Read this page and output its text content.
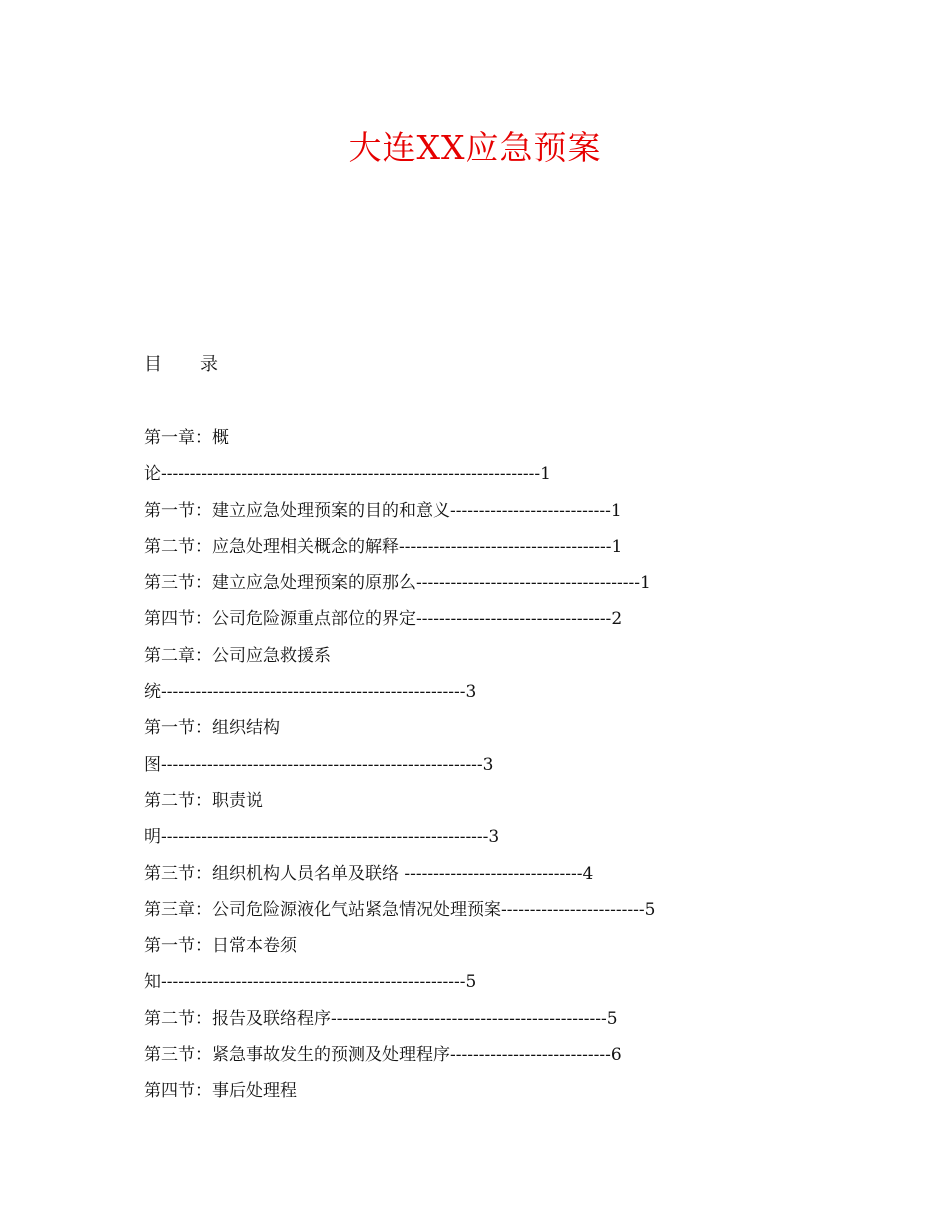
大连XX应急预案
目 录
第一章：概
论------------------------------------------------------------------1
第一节：建立应急处理预案的目的和意义----------------------------1
第二节：应急处理相关概念的解释-------------------------------------1
第三节：建立应急处理预案的原那么---------------------------------------1
第四节：公司危险源重点部位的界定----------------------------------2
第二章：公司应急救援系
统-----------------------------------------------------3
第一节：组织结构
图--------------------------------------------------------3
第二节：职责说
明---------------------------------------------------------3
第三节：组织机构人员名单及联络 -------------------------------4
第三章：公司危险源液化气站紧急情况处理预案-------------------------5
第一节：日常本卷须
知-----------------------------------------------------5
第二节：报告及联络程序------------------------------------------------5
第三节：紧急事故发生的预测及处理程序----------------------------6
第四节：事后处理程
